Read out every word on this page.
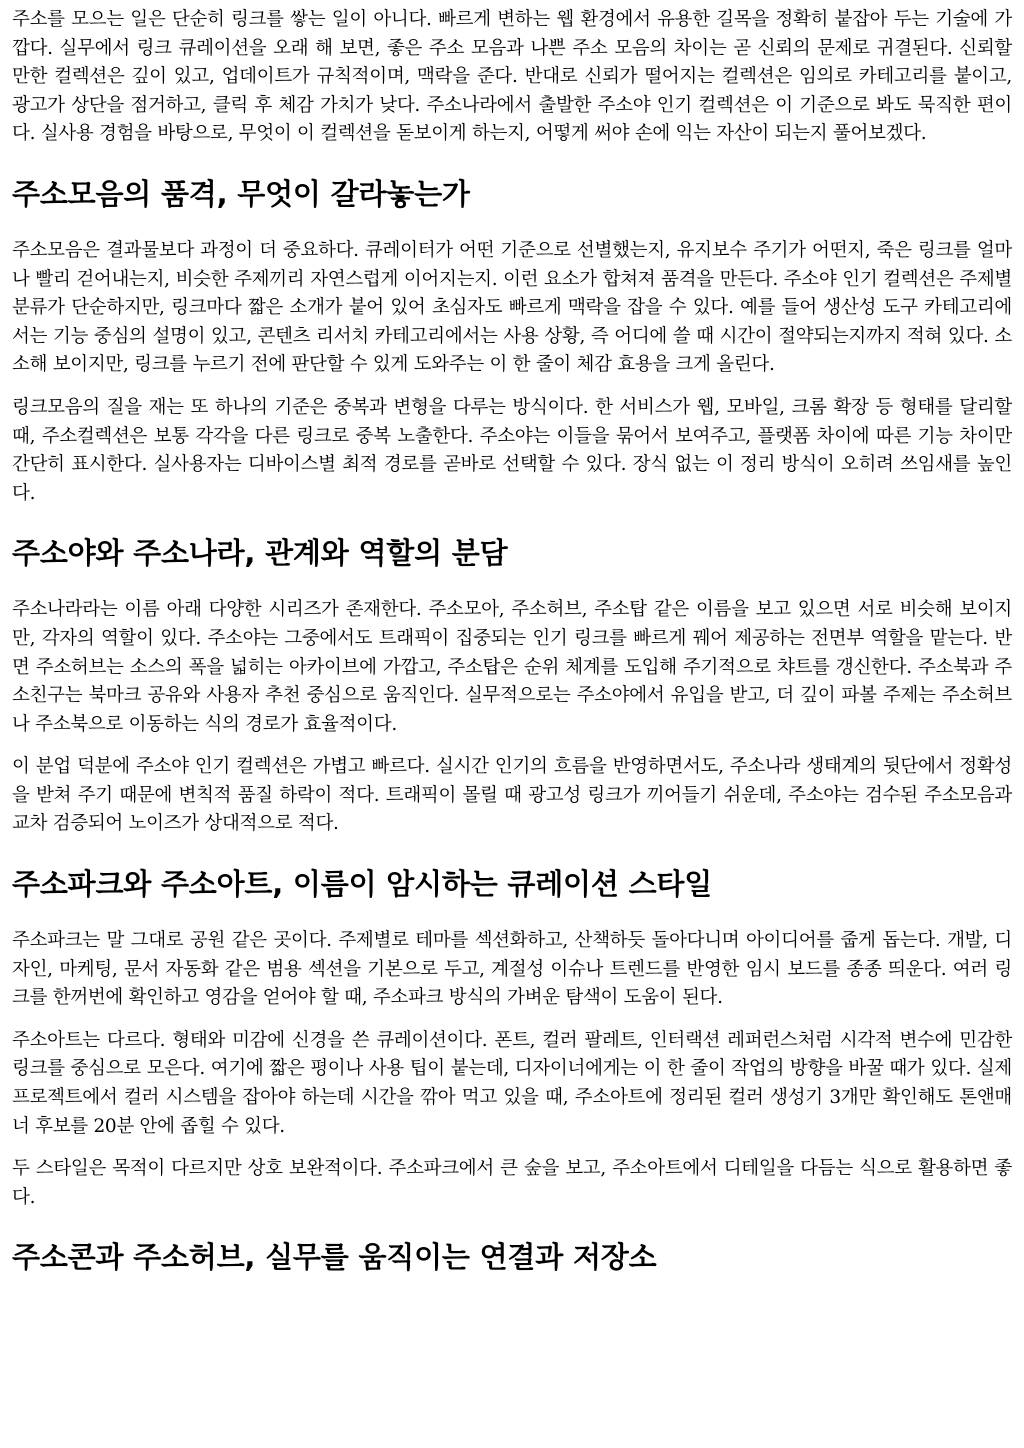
주소를 모으는 일은 단순히 링크를 쌓는 일이 아니다. 빠르게 변하는 웹 환경에서 유용한 길목을 정확히 붙잡아 두는 기술에 가깝다. 실무에서 링크 큐레이션을 오래 해 보면, 좋은 주소 모음과 나쁜 주소 모음의 차이는 곧 신뢰의 문제로 귀결된다. 신뢰할 만한 컬렉션은 깊이 있고, 업데이트가 규칙적이며, 맥락을 준다. 반대로 신뢰가 떨어지는 컬렉션은 임의로 카테고리를 붙이고, 광고가 상단을 점거하고, 클릭 후 체감 가치가 낮다. 주소나라에서 출발한 주소야 인기 컬렉션은 이 기준으로 봐도 묵직한 편이다. 실사용 경험을 바탕으로, 무엇이 이 컬렉션을 돋보이게 하는지, 어떻게 써야 손에 익는 자산이 되는지 풀어보겠다.

주소모음의 품격, 무엇이 갈라놓는가

주소모음은 결과물보다 과정이 더 중요하다. 큐레이터가 어떤 기준으로 선별했는지, 유지보수 주기가 어떤지, 죽은 링크를 얼마나 빨리 걷어내는지, 비슷한 주제끼리 자연스럽게 이어지는지. 이런 요소가 합쳐져 품격을 만든다. 주소야 인기 컬렉션은 주제별 분류가 단순하지만, 링크마다 짧은 소개가 붙어 있어 초심자도 빠르게 맥락을 잡을 수 있다. 예를 들어 생산성 도구 카테고리에서는 기능 중심의 설명이 있고, 콘텐츠 리서치 카테고리에서는 사용 상황, 즉 어디에 쓸 때 시간이 절약되는지까지 적혀 있다. 소소해 보이지만, 링크를 누르기 전에 판단할 수 있게 도와주는 이 한 줄이 체감 효용을 크게 올린다.

링크모음의 질을 재는 또 하나의 기준은 중복과 변형을 다루는 방식이다. 한 서비스가 웹, 모바일, 크롬 확장 등 형태를 달리할 때, 주소컬렉션은 보통 각각을 다른 링크로 중복 노출한다. 주소야는 이들을 묶어서 보여주고, 플랫폼 차이에 따른 기능 차이만 간단히 표시한다. 실사용자는 디바이스별 최적 경로를 곧바로 선택할 수 있다. 장식 없는 이 정리 방식이 오히려 쓰임새를 높인다.

주소야와 주소나라, 관계와 역할의 분담

주소나라라는 이름 아래 다양한 시리즈가 존재한다. 주소모아, 주소허브, 주소탑 같은 이름을 보고 있으면 서로 비슷해 보이지만, 각자의 역할이 있다. 주소야는 그중에서도 트래픽이 집중되는 인기 링크를 빠르게 꿰어 제공하는 전면부 역할을 맡는다. 반면 주소허브는 소스의 폭을 넓히는 아카이브에 가깝고, 주소탑은 순위 체계를 도입해 주기적으로 챠트를 갱신한다. 주소북과 주소친구는 북마크 공유와 사용자 추천 중심으로 움직인다. 실무적으로는 주소야에서 유입을 받고, 더 깊이 파볼 주제는 주소허브나 주소북으로 이동하는 식의 경로가 효율적이다.

이 분업 덕분에 주소야 인기 컬렉션은 가볍고 빠르다. 실시간 인기의 흐름을 반영하면서도, 주소나라 생태계의 뒷단에서 정확성을 받쳐 주기 때문에 변칙적 품질 하락이 적다. 트래픽이 몰릴 때 광고성 링크가 끼어들기 쉬운데, 주소야는 검수된 주소모음과 교차 검증되어 노이즈가 상대적으로 적다.

주소파크와 주소아트, 이름이 암시하는 큐레이션 스타일

주소파크는 말 그대로 공원 같은 곳이다. 주제별로 테마를 섹션화하고, 산책하듯 돌아다니며 아이디어를 줍게 돕는다. 개발, 디자인, 마케팅, 문서 자동화 같은 범용 섹션을 기본으로 두고, 계절성 이슈나 트렌드를 반영한 임시 보드를 종종 띄운다. 여러 링크를 한꺼번에 확인하고 영감을 얻어야 할 때, 주소파크 방식의 가벼운 탐색이 도움이 된다.

주소아트는 다르다. 형태와 미감에 신경을 쓴 큐레이션이다. 폰트, 컬러 팔레트, 인터랙션 레퍼런스처럼 시각적 변수에 민감한 링크를 중심으로 모은다. 여기에 짧은 평이나 사용 팁이 붙는데, 디자이너에게는 이 한 줄이 작업의 방향을 바꿀 때가 있다. 실제 프로젝트에서 컬러 시스템을 잡아야 하는데 시간을 깎아 먹고 있을 때, 주소아트에 정리된 컬러 생성기 3개만 확인해도 톤앤매너 후보를 20분 안에 좁힐 수 있다.

두 스타일은 목적이 다르지만 상호 보완적이다. 주소파크에서 큰 숲을 보고, 주소아트에서 디테일을 다듬는 식으로 활용하면 좋다.

주소콘과 주소허브, 실무를 움직이는 연결과 저장소
